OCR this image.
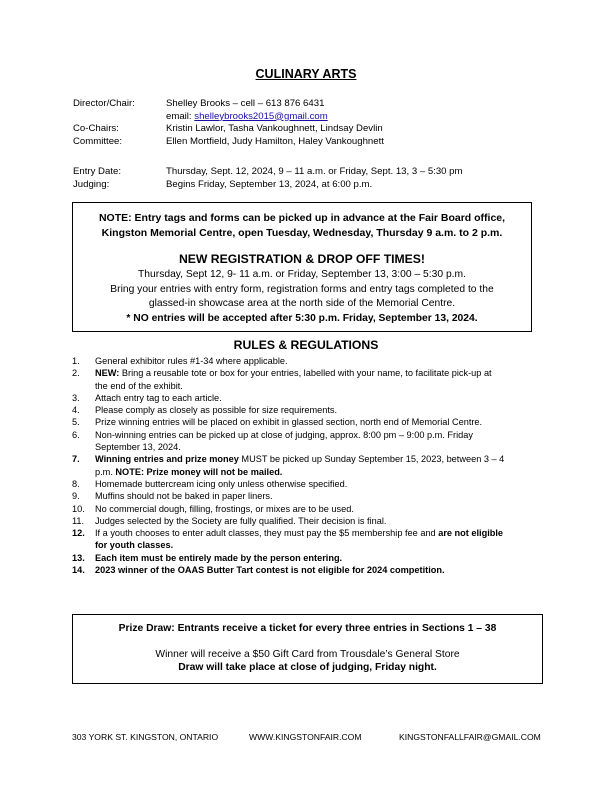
CULINARY ARTS
Director/Chair:	Shelley Brooks – cell – 613 876 6431
email: shelleybrooks2015@gmail.com
Co-Chairs:	Kristin Lawlor, Tasha Vankoughnett, Lindsay Devlin
Committee:	Ellen Mortfield, Judy Hamilton, Haley Vankoughnett
Entry Date:	Thursday, Sept. 12, 2024, 9 – 11 a.m. or Friday, Sept. 13, 3 – 5:30 pm
Judging:	Begins Friday, September 13, 2024, at 6:00 p.m.
NOTE: Entry tags and forms can be picked up in advance at the Fair Board office,
Kingston Memorial Centre, open Tuesday, Wednesday, Thursday 9 a.m. to 2 p.m.
NEW REGISTRATION & DROP OFF TIMES!
Thursday, Sept 12, 9- 11 a.m. or Friday, September 13, 3:00 – 5:30 p.m.
Bring your entries with entry form, registration forms and entry tags completed to the
glassed-in showcase area at the north side of the Memorial Centre.
* NO entries will be accepted after 5:30 p.m. Friday, September 13, 2024.
RULES & REGULATIONS
1.	General exhibitor rules #1-34 where applicable.
2.	NEW: Bring a reusable tote or box for your entries, labelled with your name, to facilitate pick-up at
the end of the exhibit.
3.	Attach entry tag to each article.
4.	Please comply as closely as possible for size requirements.
5.	Prize winning entries will be placed on exhibit in glassed section, north end of Memorial Centre.
6.	Non-winning entries can be picked up at close of judging, approx. 8:00 pm – 9:00 p.m. Friday
September 13, 2024.
7.	Winning entries and prize money MUST be picked up Sunday September 15, 2023, between 3 – 4
p.m. NOTE: Prize money will not be mailed.
8.	Homemade buttercream icing only unless otherwise specified.
9.	Muffins should not be baked in paper liners.
10.	No commercial dough, filling, frostings, or mixes are to be used.
11.	Judges selected by the Society are fully qualified. Their decision is final.
12.	If a youth chooses to enter adult classes, they must pay the $5 membership fee and are not eligible
for youth classes.
13.	Each item must be entirely made by the person entering.
14.	2023 winner of the OAAS Butter Tart contest is not eligible for 2024 competition.
Prize Draw: Entrants receive a ticket for every three entries in Sections 1 – 38
Winner will receive a $50 Gift Card from Trousdale’s General Store
Draw will take place at close of judging, Friday night.
303 YORK ST. KINGSTON, ONTARIO	WWW.KINGSTONFAIR.COM	KINGSTONFALLFAIR@GMAIL.COM
